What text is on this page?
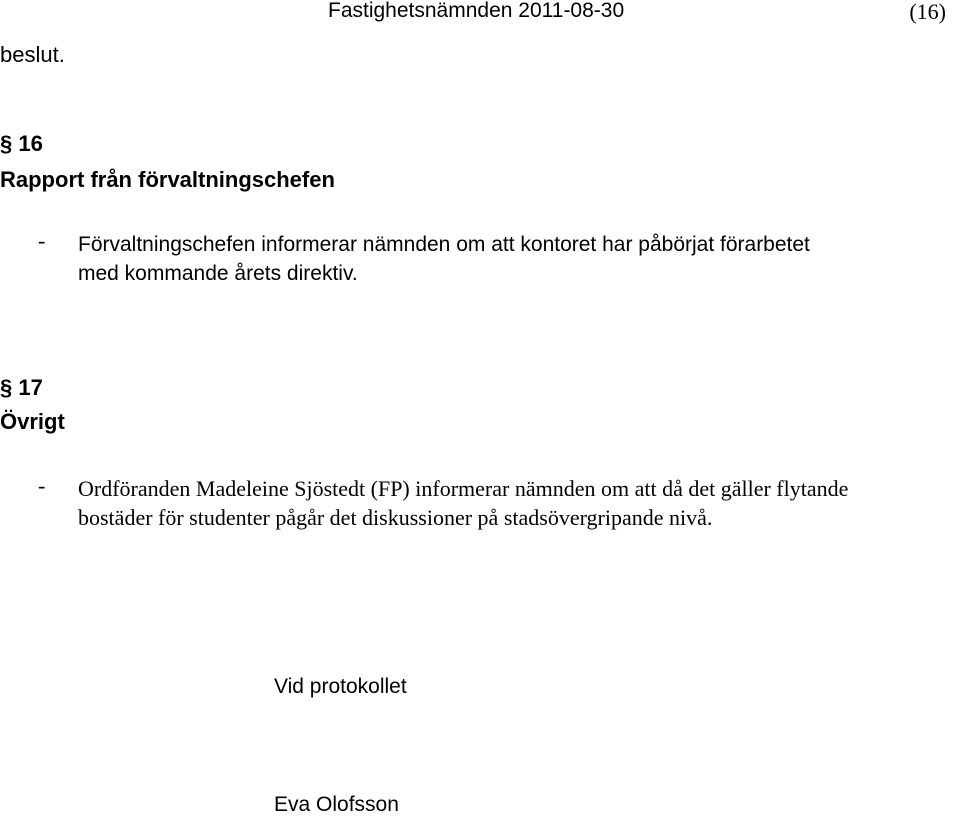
Fastighetsnämnden 2011-08-30	(16)
beslut.
§ 16
Rapport från förvaltningschefen
- Förvaltningschefen informerar nämnden om att kontoret har påbörjat förarbetet med kommande årets direktiv.
§ 17
Övrigt
- Ordföranden Madeleine Sjöstedt (FP) informerar nämnden om att då det gäller flytande bostäder för studenter pågår det diskussioner på stadsövergripande nivå.
Vid protokollet
Eva Olofsson
